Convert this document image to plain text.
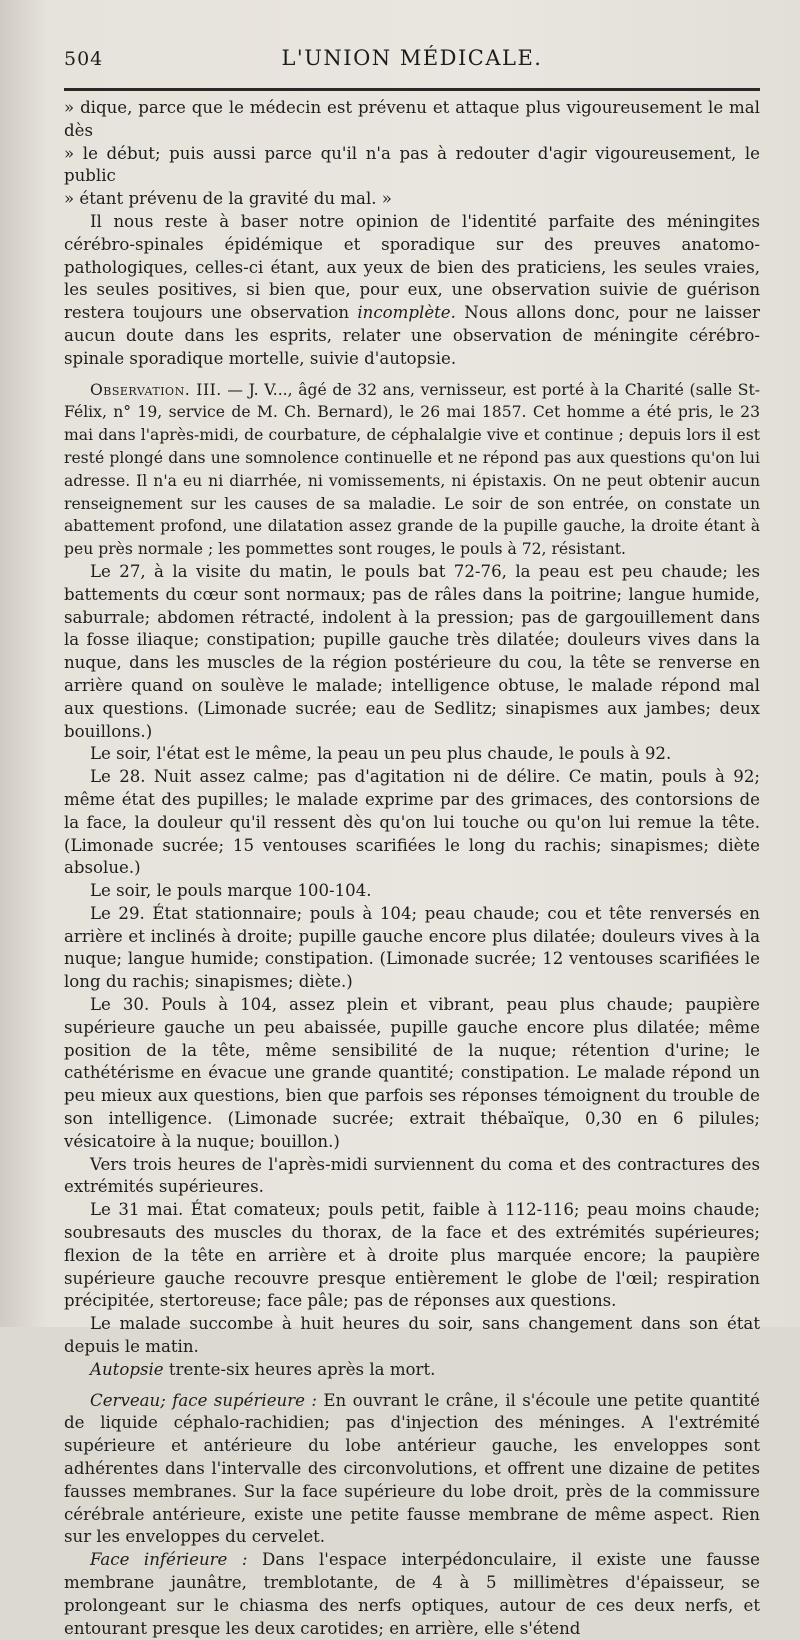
504	L'UNION MÉDICALE.

» dique, parce que le médecin est prévenu et attaque plus vigoureusement le mal dès

» le début; puis aussi parce qu'il n'a pas à redouter d'agir vigoureusement, le public

» étant prévenu de la gravité du mal. »

Il nous reste à baser notre opinion de l'identité parfaite des méningites cérébro-spinales épidémique et sporadique sur des preuves anatomo-pathologiques, celles-ci étant, aux yeux de bien des praticiens, les seules vraies, les seules positives, si bien que, pour eux, une observation suivie de guérison restera toujours une observation incomplète. Nous allons donc, pour ne laisser aucun doute dans les esprits, relater une observation de méningite cérébro-spinale sporadique mortelle, suivie d'autopsie.

Observation. III. — J. V..., âgé de 32 ans, vernisseur, est porté à la Charité (salle St-Félix, n° 19, service de M. Ch. Bernard), le 26 mai 1857. Cet homme a été pris, le 23 mai dans l'après-midi, de courbature, de céphalalgie vive et continue ; depuis lors il est resté plongé dans une somnolence continuelle et ne répond pas aux questions qu'on lui adresse. Il n'a eu ni diarrhée, ni vomissements, ni épistaxis. On ne peut obtenir aucun renseignement sur les causes de sa maladie. Le soir de son entrée, on constate un abattement profond, une dilatation assez grande de la pupille gauche, la droite étant à peu près normale ; les pommettes sont rouges, le pouls à 72, résistant.

Le 27, à la visite du matin, le pouls bat 72-76, la peau est peu chaude; les battements du cœur sont normaux; pas de râles dans la poitrine; langue humide, saburrale; abdomen rétracté, indolent à la pression; pas de gargouillement dans la fosse iliaque; constipation; pupille gauche très dilatée; douleurs vives dans la nuque, dans les muscles de la région postérieure du cou, la tête se renverse en arrière quand on soulève le malade; intelligence obtuse, le malade répond mal aux questions. (Limonade sucrée; eau de Sedlitz; sinapismes aux jambes; deux bouillons.)

Le soir, l'état est le même, la peau un peu plus chaude, le pouls à 92.

Le 28. Nuit assez calme; pas d'agitation ni de délire. Ce matin, pouls à 92; même état des pupilles; le malade exprime par des grimaces, des contorsions de la face, la douleur qu'il ressent dès qu'on lui touche ou qu'on lui remue la tête. (Limonade sucrée; 15 ventouses scarifiées le long du rachis; sinapismes; diète absolue.)

Le soir, le pouls marque 100-104.

Le 29. État stationnaire; pouls à 104; peau chaude; cou et tête renversés en arrière et inclinés à droite; pupille gauche encore plus dilatée; douleurs vives à la nuque; langue humide; constipation. (Limonade sucrée; 12 ventouses scarifiées le long du rachis; sinapismes; diète.)

Le 30. Pouls à 104, assez plein et vibrant, peau plus chaude; paupière supérieure gauche un peu abaissée, pupille gauche encore plus dilatée; même position de la tête, même sensibilité de la nuque; rétention d'urine; le cathétérisme en évacue une grande quantité; constipation. Le malade répond un peu mieux aux questions, bien que parfois ses réponses témoignent du trouble de son intelligence. (Limonade sucrée; extrait thébaïque, 0,30 en 6 pilules; vésicatoire à la nuque; bouillon.)

Vers trois heures de l'après-midi surviennent du coma et des contractures des extrémités supérieures.

Le 31 mai. État comateux; pouls petit, faible à 112-116; peau moins chaude; soubresauts des muscles du thorax, de la face et des extrémités supérieures; flexion de la tête en arrière et à droite plus marquée encore; la paupière supérieure gauche recouvre presque entièrement le globe de l'œil; respiration précipitée, stertoreuse; face pâle; pas de réponses aux questions.

Le malade succombe à huit heures du soir, sans changement dans son état depuis le matin.

Autopsie trente-six heures après la mort.

Cerveau; face supérieure : En ouvrant le crâne, il s'écoule une petite quantité de liquide céphalo-rachidien; pas d'injection des méninges. A l'extrémité supérieure et antérieure du lobe antérieur gauche, les enveloppes sont adhérentes dans l'intervalle des circonvolutions, et offrent une dizaine de petites fausses membranes. Sur la face supérieure du lobe droit, près de la commissure cérébrale antérieure, existe une petite fausse membrane de même aspect. Rien sur les enveloppes du cervelet.

Face inférieure : Dans l'espace interpédonculaire, il existe une fausse membrane jaunâtre, tremblotante, de 4 à 5 millimètres d'épaisseur, se prolongeant sur le chiasma des nerfs optiques, autour de ces deux nerfs, et entourant presque les deux carotides; en arrière, elle s'étend
